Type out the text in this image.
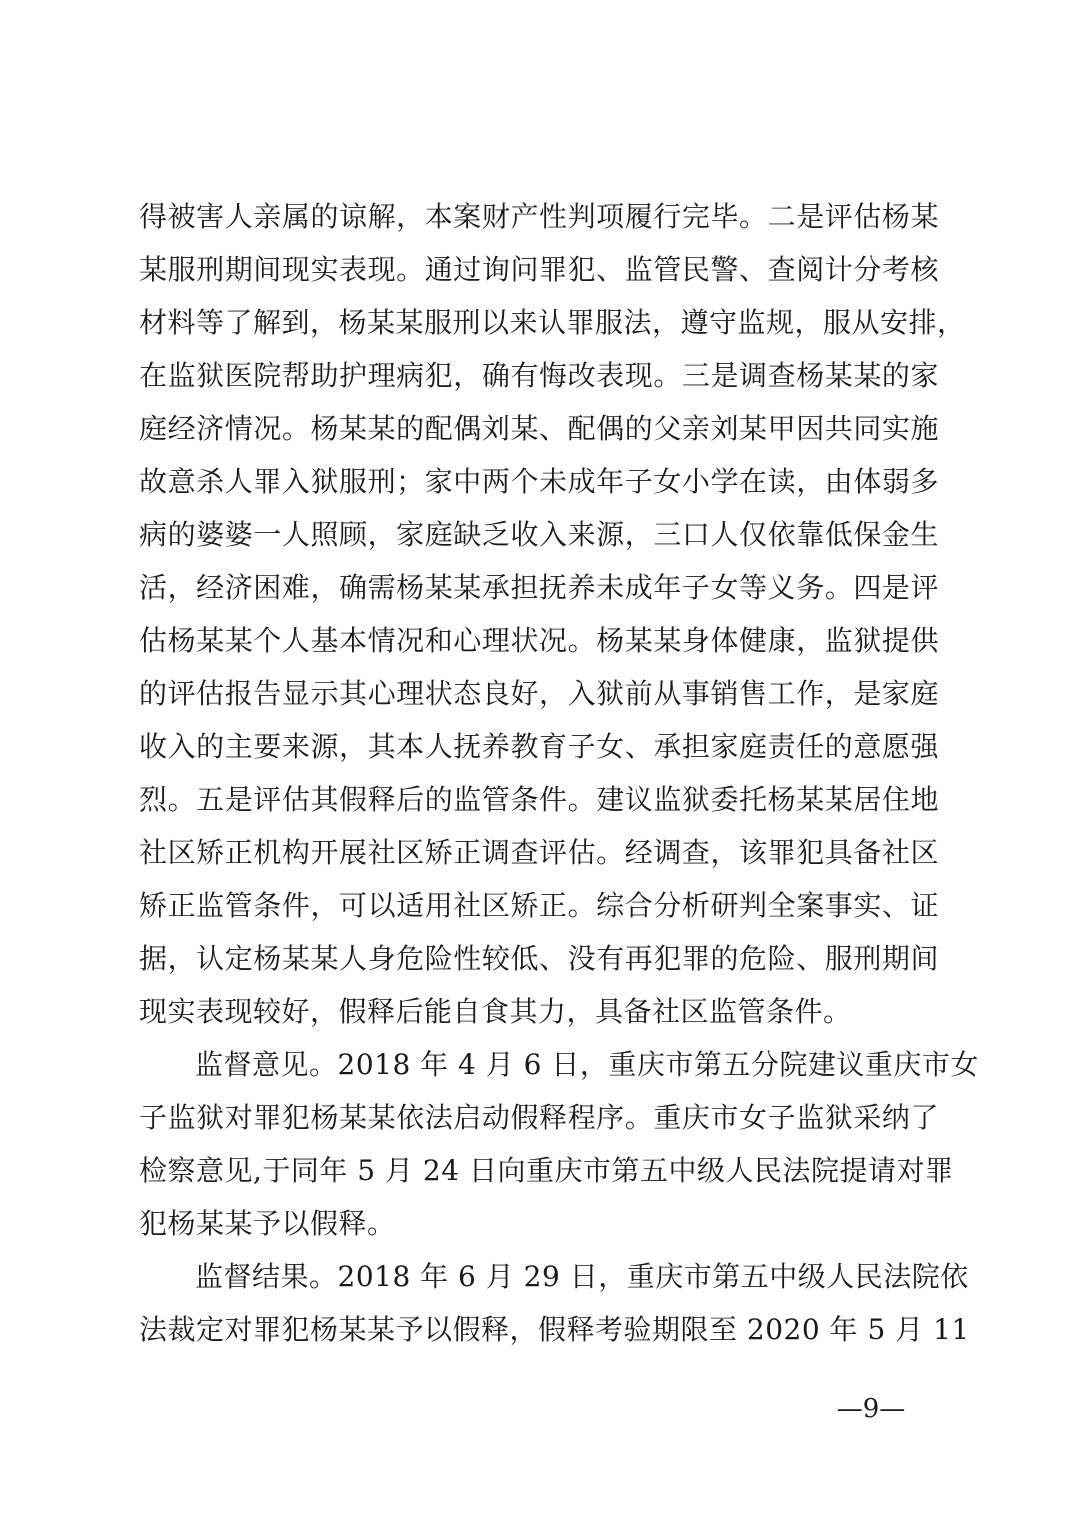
得被害人亲属的谅解，本案财产性判项履行完毕。二是评估杨某
某服刑期间现实表现。通过询问罪犯、监管民警、查阅计分考核
材料等了解到，杨某某服刑以来认罪服法，遵守监规，服从安排，
在监狱医院帮助护理病犯，确有悔改表现。三是调查杨某某的家
庭经济情况。杨某某的配偶刘某、配偶的父亲刘某甲因共同实施
故意杀人罪入狱服刑；家中两个未成年子女小学在读，由体弱多
病的婆婆一人照顾，家庭缺乏收入来源，三口人仅依靠低保金生
活，经济困难，确需杨某某承担抚养未成年子女等义务。四是评
估杨某某个人基本情况和心理状况。杨某某身体健康，监狱提供
的评估报告显示其心理状态良好，入狱前从事销售工作，是家庭
收入的主要来源，其本人抚养教育子女、承担家庭责任的意愿强
烈。五是评估其假释后的监管条件。建议监狱委托杨某某居住地
社区矫正机构开展社区矫正调查评估。经调查，该罪犯具备社区
矫正监管条件，可以适用社区矫正。综合分析研判全案事实、证
据，认定杨某某人身危险性较低、没有再犯罪的危险、服刑期间
现实表现较好，假释后能自食其力，具备社区监管条件。
监督意见。2018 年 4 月 6 日，重庆市第五分院建议重庆市女
子监狱对罪犯杨某某依法启动假释程序。重庆市女子监狱采纳了
检察意见,于同年 5 月 24 日向重庆市第五中级人民法院提请对罪
犯杨某某予以假释。
监督结果。2018 年 6 月 29 日，重庆市第五中级人民法院依
法裁定对罪犯杨某某予以假释，假释考验期限至 2020 年 5 月 11
—9—
